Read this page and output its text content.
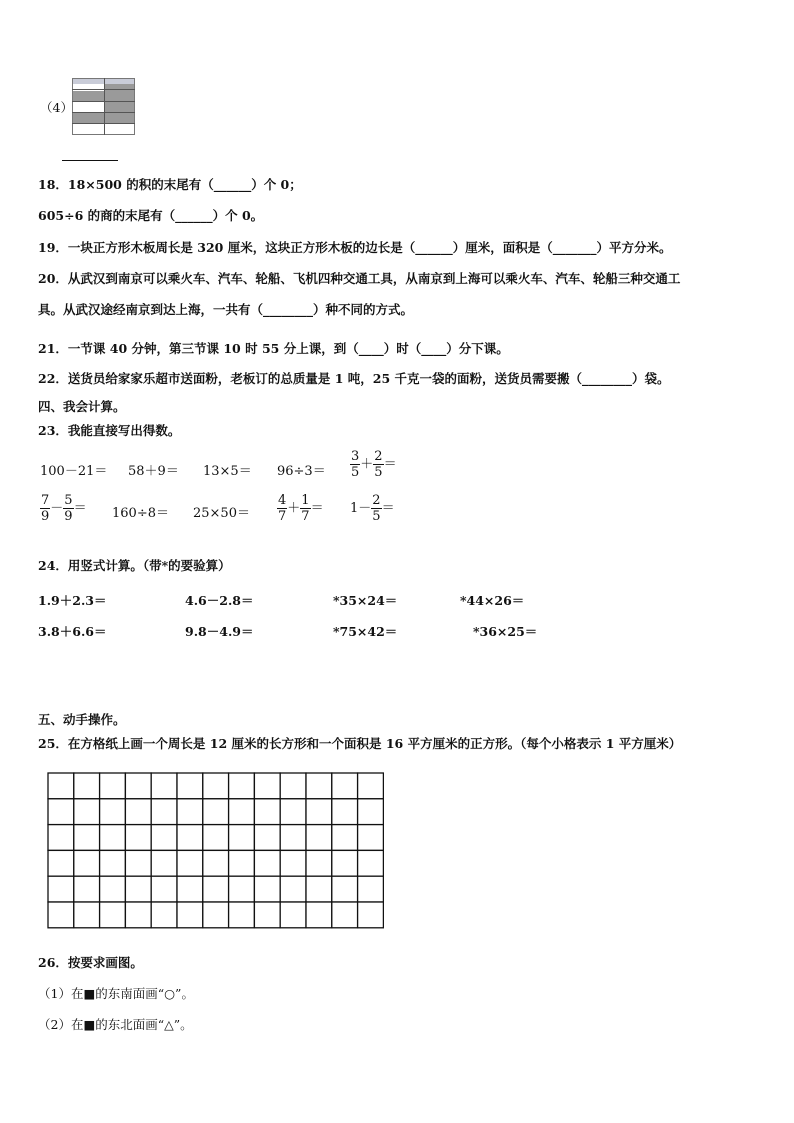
（4）
18．18×500 的积的末尾有（______）个 0；
605÷6 的商的末尾有（______）个 0。
19．一块正方形木板周长是 320 厘米，这块正方形木板的边长是（______）厘米，面积是（_______）平方分米。
20．从武汉到南京可以乘火车、汽车、轮船、飞机四种交通工具，从南京到上海可以乘火车、汽车、轮船三种交通工
具。从武汉途经南京到达上海，一共有（________）种不同的方式。
21．一节课 40 分钟，第三节课 10 时 55 分上课，到（____）时（____）分下课。
22．送货员给家家乐超市送面粉，老板订的总质量是 1 吨，25 千克一袋的面粉，送货员需要搬（________）袋。
四、我会计算。
23．我能直接写出得数。
$100-21= 58+9= 13\times 5= 96\div 3= \frac{3}{5} + \frac{2}{5}$ ＝
$\frac{7}{9} - \frac{5}{9} = 160\div 8= 25\times 50= \frac{4}{7} + \frac{1}{7} = 1- \frac{2}{5}$ ＝
24．用竖式计算。（带*的要验算）
1.9＋2.3＝	4.6－2.8＝	*35×24＝	*44×26＝
3.8＋6.6＝	9.8－4.9＝	*75×42＝	*36×25＝
五、动手操作。
25．在方格纸上画一个周长是 12 厘米的长方形和一个面积是 16 平方厘米的正方形。（每个小格表示 1 平方厘米）
26．按要求画图。
（1）在■的东南面画“○”。
（2）在■的东北面画“△”。
